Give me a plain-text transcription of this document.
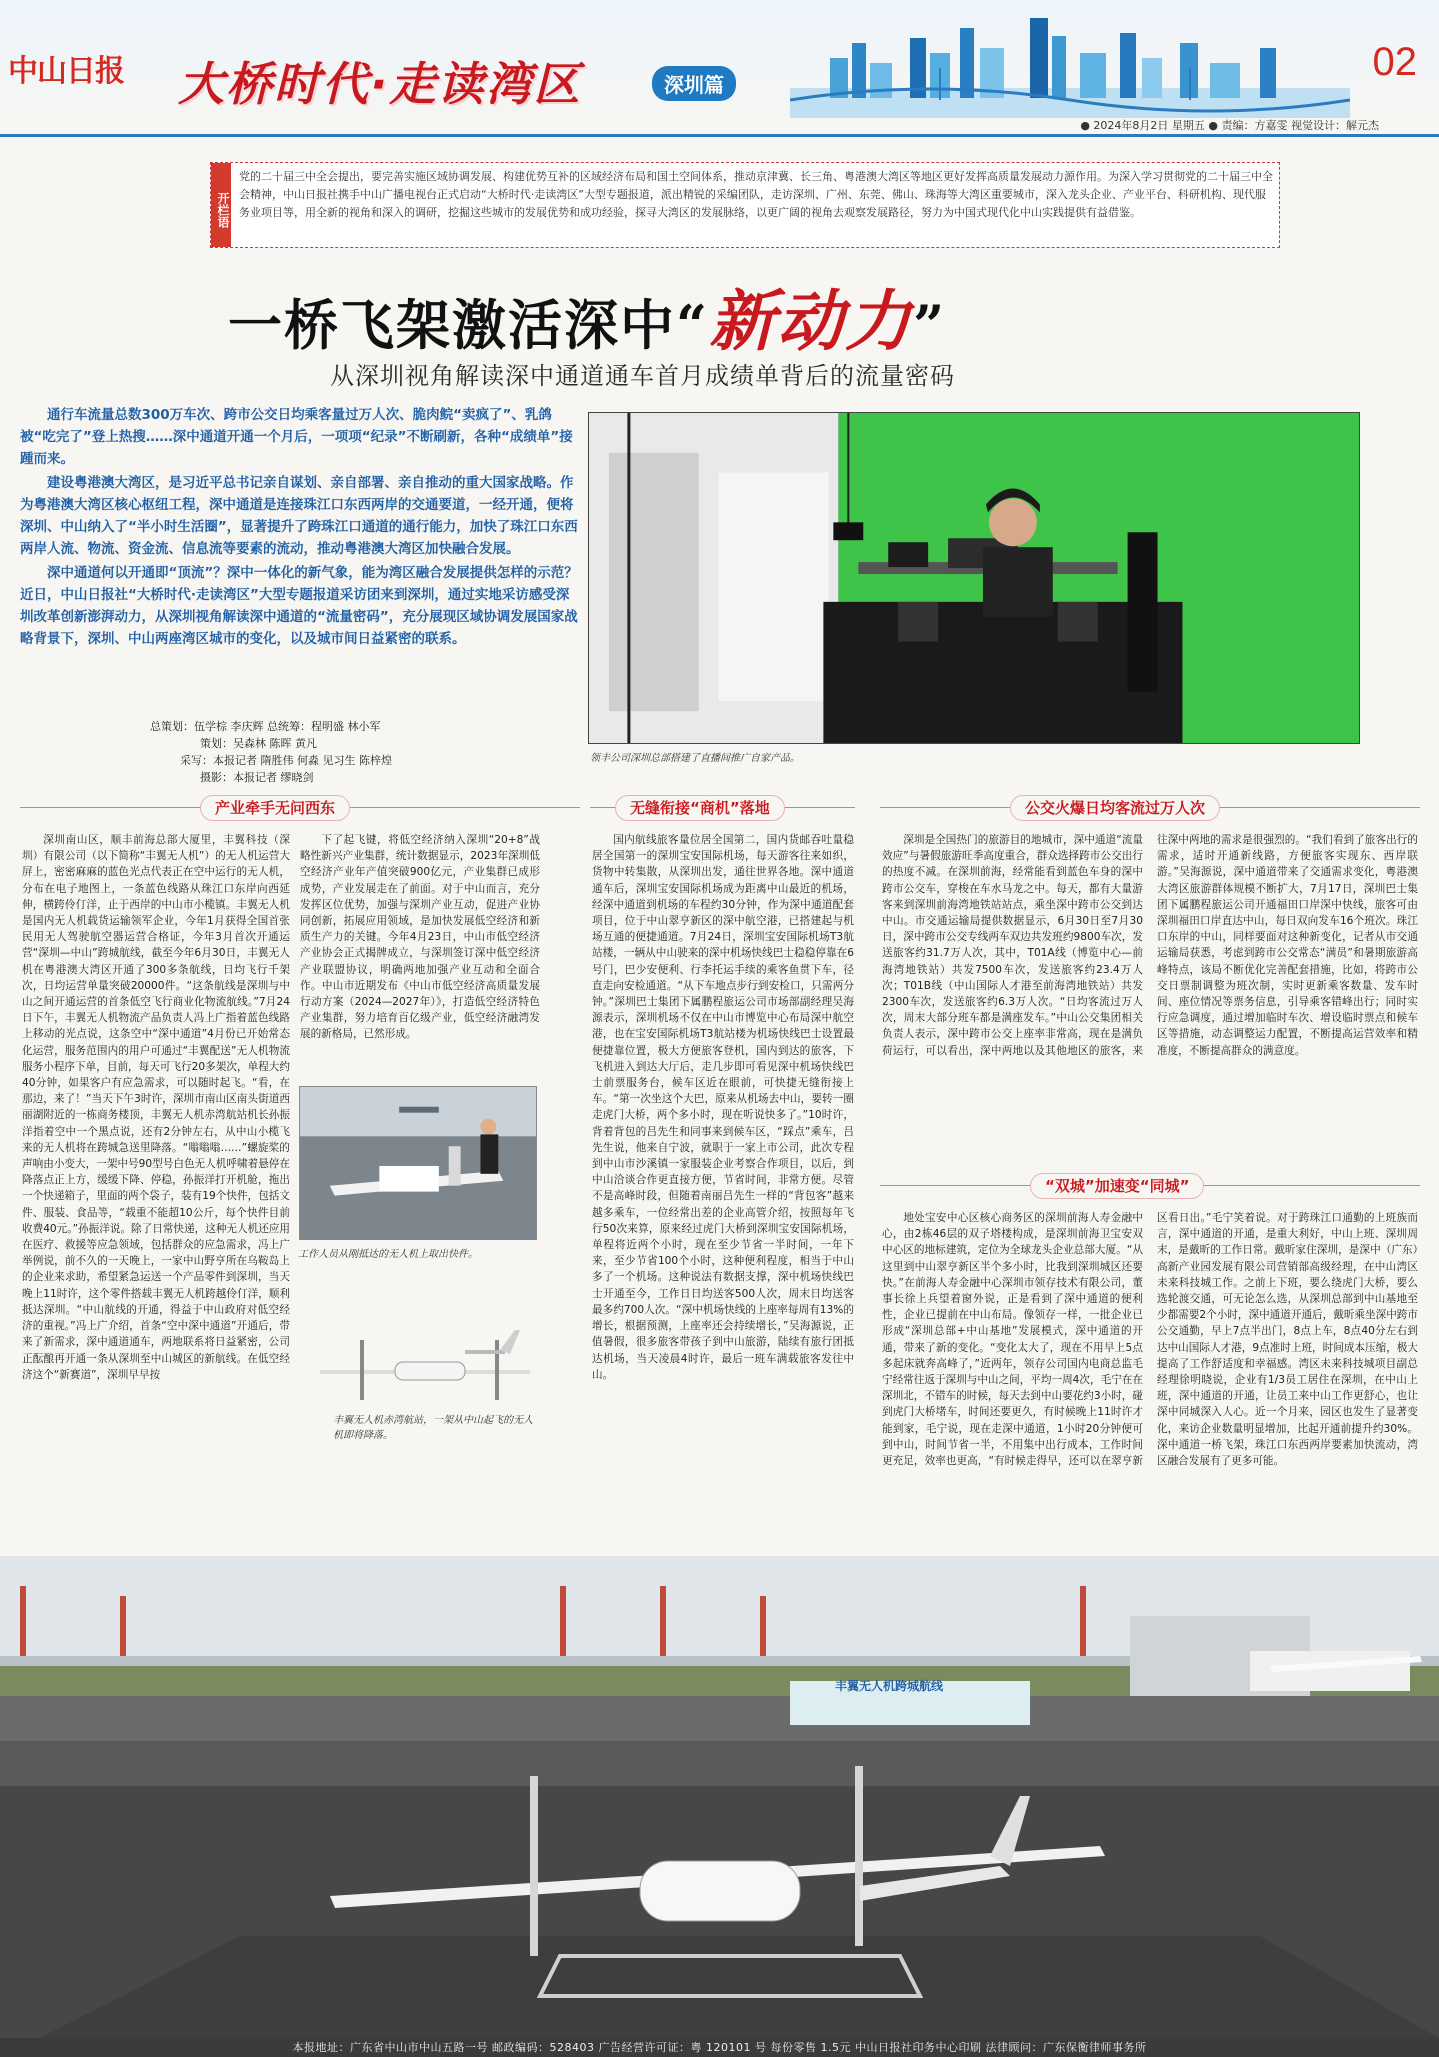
中山日报 大桥时代·走读湾区	深圳篇
02
● 2024年8月2日 星期五 ● 责编：方嘉雯 视觉设计：解元杰
开栏语
党的二十届三中全会提出，要完善实施区域协调发展、构建优势互补的区域经济布局和国土空间体系，推动京津冀、长三角、粤港澳大湾区等地区更好发挥高质量发展动力源作用。为深入学习贯彻党的二十届三中全会精神，中山日报社携手中山广播电视台正式启动“大桥时代·走读湾区”大型专题报道，派出精锐的采编团队，走访深圳、广州、东莞、佛山、珠海等大湾区重要城市，深入龙头企业、产业平台、科研机构、现代服务业项目等，用全新的视角和深入的调研，挖掘这些城市的发展优势和成功经验，探寻大湾区的发展脉络，以更广阔的视角去观察发展路径，努力为中国式现代化中山实践提供有益借鉴。
一桥飞架激活深中“新动力”
从深圳视角解读深中通道通车首月成绩单背后的流量密码

通行车流量总数300万车次、跨市公交日均乘客量过万人次、脆肉鲩“卖疯了”、乳鸽被“吃完了”登上热搜……深中通道开通一个月后，一项项“纪录”不断刷新，各种“成绩单”接踵而来。

建设粤港澳大湾区，是习近平总书记亲自谋划、亲自部署、亲自推动的重大国家战略。作为粤港澳大湾区核心枢纽工程，深中通道是连接珠江口东西两岸的交通要道，一经开通，便将深圳、中山纳入了“半小时生活圈”，显著提升了跨珠江口通道的通行能力，加快了珠江口东西两岸人流、物流、资金流、信息流等要素的流动，推动粤港澳大湾区加快融合发展。

深中通道何以开通即“顶流”？深中一体化的新气象，能为湾区融合发展提供怎样的示范？近日，中山日报社“大桥时代·走读湾区”大型专题报道采访团来到深圳，通过实地采访感受深圳改革创新澎湃动力，从深圳视角解读深中通道的“流量密码”，充分展现区域协调发展国家战略背景下，深圳、中山两座湾区城市的变化，以及城市间日益紧密的联系。

总策划：伍学棕 李庆辉 总统筹：程明盛 林小军
策划：吴森林 陈晖 黄凡
采写：本报记者 隋胜伟 何淼 见习生 陈梓煌
摄影：本报记者 缪晓剑
领丰公司深圳总部搭建了直播间推广自家产品。
产业牵手无问西东	无缝衔接“商机”落地	公交火爆日均客流过万人次
“双城”加速变“同城”

深圳南山区，顺丰前海总部大厦里，丰翼科技（深圳）有限公司（以下简称“丰翼无人机”）的无人机运营大屏上，密密麻麻的蓝色光点代表正在空中运行的无人机，分布在电子地图上，一条蓝色线路从珠江口东岸向西延伸，横跨伶仃洋，止于西岸的中山市小榄镇。丰翼无人机是国内无人机载货运输领军企业，今年1月获得全国首张民用无人驾驶航空器运营合格证，今年3月首次开通运营“深圳—中山”跨城航线，截至今年6月30日，丰翼无人机在粤港澳大湾区开通了300多条航线，日均飞行千架次，日均运营单量突破20000件。“这条航线是深圳与中山之间开通运营的首条低空飞行商业化物流航线。”7月24日下午，丰翼无人机物流产品负责人冯上广指着蓝色线路上移动的光点说，这条空中“深中通道”4月份已开始常态化运营，服务范围内的用户可通过“丰翼配送”无人机物流服务小程序下单，目前，每天可飞行20多架次，单程大约40分钟，如果客户有应急需求，可以随时起飞。“看，在那边，来了！”当天下午3时许，深圳市南山区南头街道西丽湖附近的一栋商务楼顶，丰翼无人机赤湾航站机长孙振洋指着空中一个黑点说，还有2分钟左右，从中山小榄飞来的无人机将在跨城急送里降落。“嗡嗡嗡……”螺旋桨的声响由小变大，一架中号90型号白色无人机呼啸着悬停在降落点正上方，缓缓下降、停稳，孙振洋打开机舱，拖出一个快递箱子，里面的两个袋子，装有19个快件，包括文件、服装、食品等，“载重不能超10公斤，每个快件目前收费40元。”孙振洋说。除了日常快递，这种无人机还应用在医疗、救援等应急领域，包括群众的应急需求，冯上广举例说，前不久的一天晚上，一家中山野亨所在乌鞍岛上的企业来求助，希望紧急运送一个产品零件到深圳，当天晚上11时许，这个零件搭载丰翼无人机跨越伶仃洋，顺利抵达深圳。“中山航线的开通，得益于中山政府对低空经济的重视。”冯上广介绍，首条“空中深中通道”开通后，带来了新需求，深中通道通车，两地联系将日益紧密，公司正酝酿再开通一条从深圳至中山城区的新航线。在低空经济这个“新赛道”，深圳早早按

下了起飞键，将低空经济纳入深圳“20+8”战略性新兴产业集群，统计数据显示，2023年深圳低空经济产业年产值突破900亿元，产业集群已成形成势，产业发展走在了前面。对于中山而言，充分发挥区位优势，加强与深圳产业互动，促进产业协同创新，拓展应用领域，是加快发展低空经济和新质生产力的关键。今年4月23日，中山市低空经济产业协会正式揭牌成立，与深圳签订深中低空经济产业联盟协议，明确两地加强产业互动和全面合作。中山市近期发布《中山市低空经济高质量发展行动方案（2024—2027年）》，打造低空经济特色产业集群，努力培育百亿级产业，低空经济融湾发展的新格局，已然形成。

工作人员从刚抵达的无人机上取出快件。
丰翼无人机赤湾航站，一架从中山起飞的无人机即将降落。

国内航线旅客量位居全国第二，国内货邮吞吐量稳居全国第一的深圳宝安国际机场，每天游客往来如织，货物中转集散，从深圳出发，通往世界各地。深中通道通车后，深圳宝安国际机场成为距离中山最近的机场，经深中通道到机场的车程约30分钟，作为深中通道配套项目，位于中山翠亨新区的深中航空港，已搭建起与机场互通的便捷通道。7月24日，深圳宝安国际机场T3航站楼，一辆从中山驶来的深中机场快线巴士稳稳停靠在6号门，巴少安便利、行李托运手续的乘客鱼贯下车，径直走向安检通道。“从下车地点步行到安检口，只需两分钟。”深圳巴士集团下属鹏程旅运公司市场部副经理吴海源表示，深圳机场不仅在中山市博览中心布局深中航空港，也在宝安国际机场T3航站楼为机场快线巴士设置最便捷靠位置，极大方便旅客登机，国内到达的旅客，下飞机进入到达大厅后，走几步即可看见深中机场快线巴士前票服务台，候车区近在眼前，可快捷无缝衔接上车。“第一次坐这个大巴，原来从机场去中山，要转一圈走虎门大桥，两个多小时，现在听说快多了。”10时许，背着背包的吕先生和同事来到候车区，“踩点”乘车，吕先生说，他来自宁波，就职于一家上市公司，此次专程到中山市沙溪镇一家服装企业考察合作项目，以后，到中山洽谈合作更直接方便，节省时间，非常方便。尽管不是高峰时段，但随着南丽吕先生一样的“背包客”越来越多乘车，一位经常出差的企业高管介绍，按照每年飞行50次来算，原来经过虎门大桥到深圳宝安国际机场，单程将近两个小时，现在至少节省一半时间，一年下来，至少节省100个小时，这种便利程度，相当于中山多了一个机场。这种说法有数据支撑，深中机场快线巴士开通至今，工作日日均送客500人次，周末日均送客最多约700人次。“深中机场快线的上座率每周有13%的增长，根据预测，上座率还会持续增长，”吴海源说，正值暑假，很多旅客带孩子到中山旅游，陆续有旅行团抵达机场，当天凌晨4时许，最后一班车满载旅客发往中山。

深圳是全国热门的旅游目的地城市，深中通道“流量效应”与暑假旅游旺季高度重合，群众选择跨市公交出行的热度不减。在深圳前海，经常能看到蓝色车身的深中跨市公交车，穿梭在车水马龙之中。每天，都有大量游客来到深圳前海湾地铁站站点，乘坐深中跨市公交到达中山。市交通运输局提供数据显示，6月30日至7月30日，深中跨市公交专线两车双边共发班约9800车次，发送旅客约31.7万人次，其中，T01A线（博览中心—前海湾地铁站）共发7500车次，发送旅客约23.4万人次；T01B线（中山国际人才港至前海湾地铁站）共发2300车次，发送旅客约6.3万人次。“日均客流过万人次，周末大部分班车都是满座发车。”中山公交集团相关负责人表示，深中跨市公交上座率非常高，现在是满负荷运行，可以看出，深中两地以及其他地区的旅客，来往深中两地的需求是很强烈的。“我们看到了旅客出行的需求，适时开通新线路，方便旅客实现东、西岸联游。”吴海源说，深中通道带来了交通需求变化，粤港澳大湾区旅游群体规模不断扩大，7月17日，深圳巴士集团下属鹏程旅运公司开通福田口岸深中快线，旅客可由深圳福田口岸直达中山，每日双向发车16个班次。珠江口东岸的中山，同样要面对这种新变化，记者从市交通运输局获悉，考虑到跨市公交常态“满员”和暑期旅游高峰特点，该局不断优化完善配套措施，比如，将跨市公交日票制调整为班次制，实时更新乘客数量、发车时间、座位情况等票务信息，引导乘客错峰出行；同时实行应急调度，通过增加临时车次、增设临时票点和候车区等措施，动态调整运力配置，不断提高运营效率和精准度，不断提高群众的满意度。

地处宝安中心区核心商务区的深圳前海人寿金融中心，由2栋46层的双子塔楼构成，是深圳前海卫宝安双中心区的地标建筑，定位为全球龙头企业总部大厦。“从这里到中山翠亨新区半个多小时，比我到深圳城区还要快。”在前海人寿金融中心深圳市领存技术有限公司，董事长徐上兵望着窗外说，正是看到了深中通道的便利性，企业已提前在中山布局。像领存一样，一批企业已形成“深圳总部+中山基地”发展模式，深中通道的开通，带来了新的变化。“变化太大了，现在不用早上5点多起床就奔高峰了，”近两年，领存公司国内电商总监毛宁经常往返于深圳与中山之间，平均一周4次，毛宁在在深圳北，不错车的时候，每天去到中山要花约3小时，碰到虎门大桥堵车，时间还要更久，有时候晚上11时许才能到家，毛宁说，现在走深中通道，1小时20分钟便可到中山，时间节省一半，不用集中出行成本，工作时间更充足，效率也更高，“有时候走得早，还可以在翠亨新区看日出。”毛宁笑着说。对于跨珠江口通勤的上班族而言，深中通道的开通，是重大利好，中山上班、深圳周末，是戴昕的工作日常。戴昕家住深圳，是深中（广东）高新产业园发展有限公司营销部高级经理，在中山湾区未来科技城工作。之前上下班，要么绕虎门大桥，要么选轮渡交通，可无论怎么选，从深圳总部到中山基地至少都需要2个小时，深中通道开通后，戴昕乘坐深中跨市公交通勤，早上7点半出门，8点上车，8点40分左右到达中山国际人才港，9点准时上班，时间成本压缩，极大提高了工作舒适度和幸福感。湾区未来科技城项目副总经理徐明晓说，企业有1/3员工居住在深圳，在中山上班，深中通道的开通，让员工来中山工作更舒心，也让深中同城深入人心。近一个月来，园区也发生了显著变化，来访企业数量明显增加，比起开通前提升约30%。深中通道一桥飞架，珠江口东西两岸要素加快流动，湾区融合发展有了更多可能。

丰翼无人机跨城航线
本报地址：广东省中山市中山五路一号 邮政编码：528403 广告经营许可证：粤 120101 号 每份零售 1.5元 中山日报社印务中心印刷 法律顾问：广东保衡律师事务所
